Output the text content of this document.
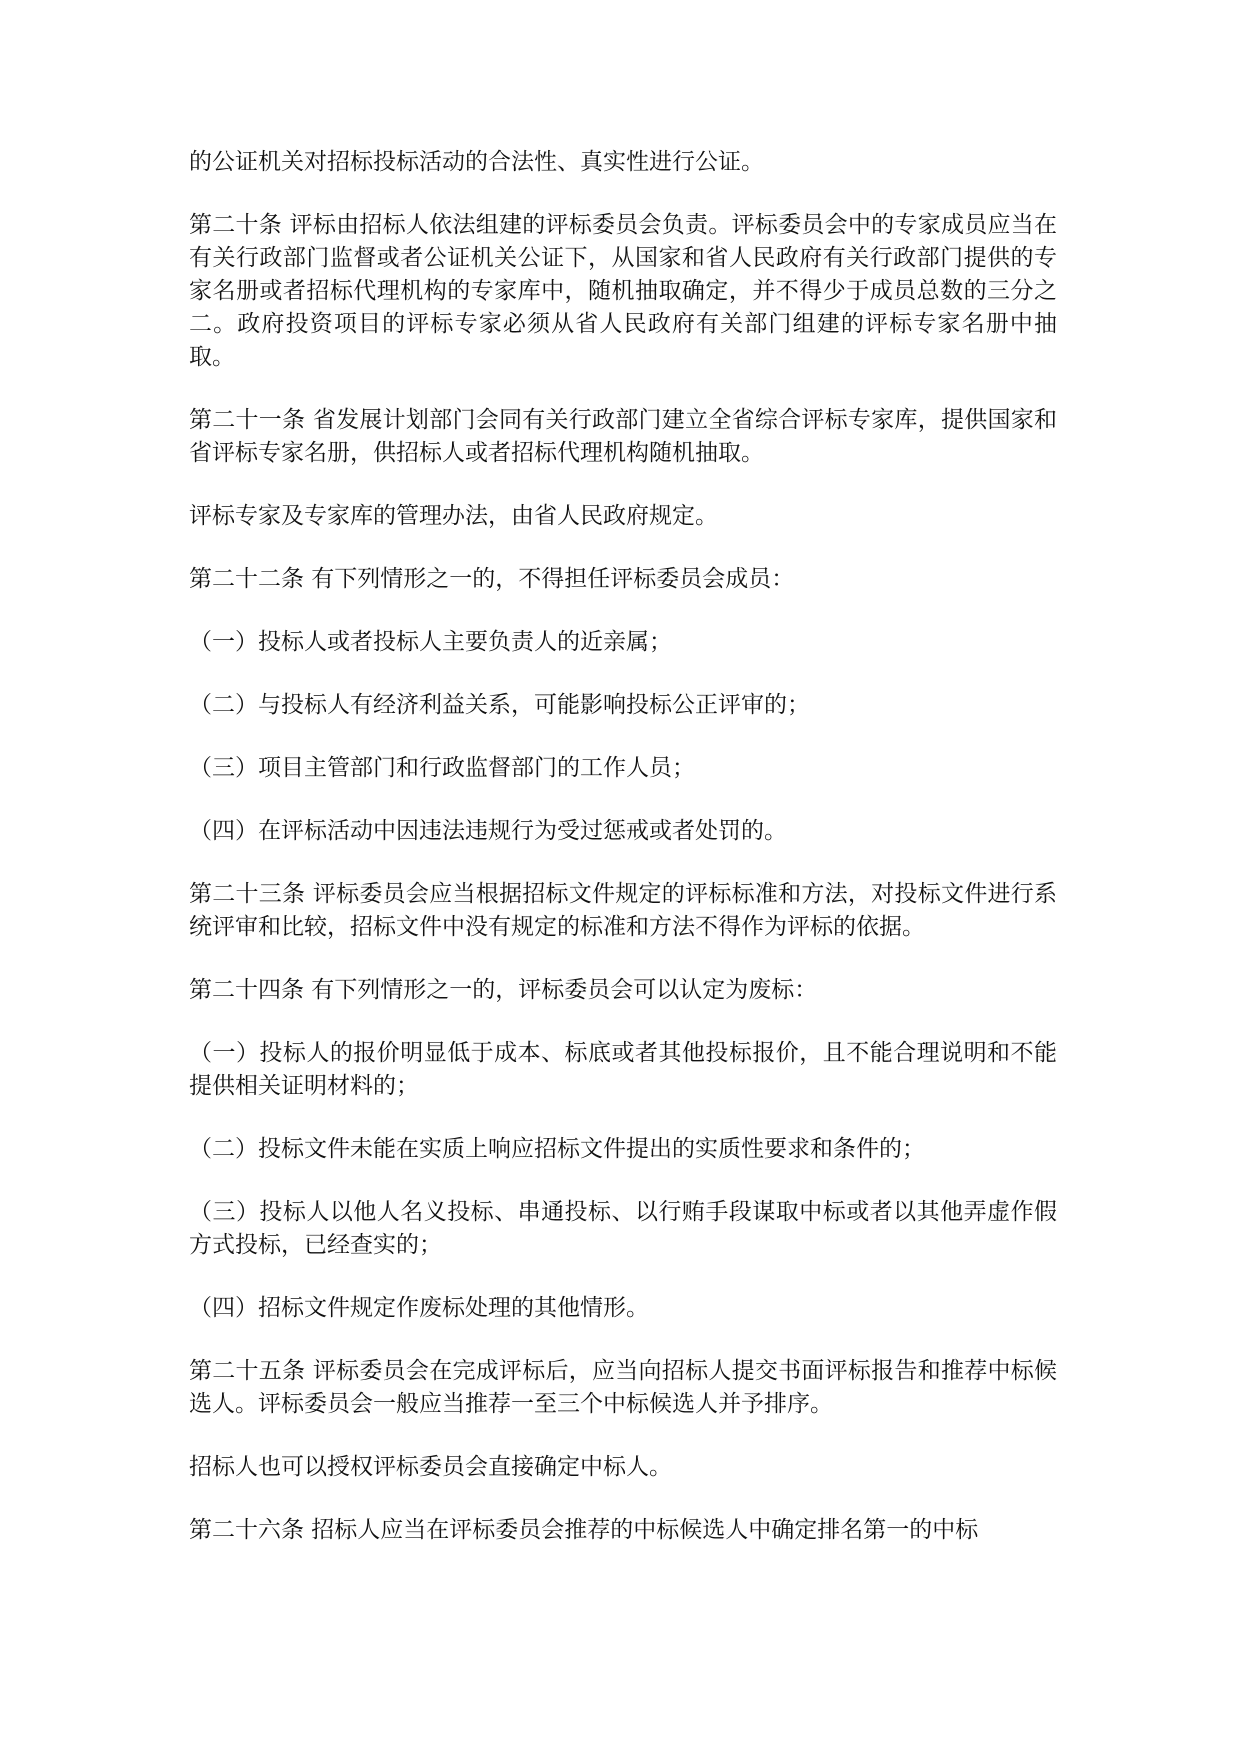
的公证机关对招标投标活动的合法性、真实性进行公证。

第二十条 评标由招标人依法组建的评标委员会负责。评标委员会中的专家成员应当在有关行政部门监督或者公证机关公证下，从国家和省人民政府有关行政部门提供的专家名册或者招标代理机构的专家库中，随机抽取确定，并不得少于成员总数的三分之二。政府投资项目的评标专家必须从省人民政府有关部门组建的评标专家名册中抽取。

第二十一条 省发展计划部门会同有关行政部门建立全省综合评标专家库，提供国家和省评标专家名册，供招标人或者招标代理机构随机抽取。

评标专家及专家库的管理办法，由省人民政府规定。

第二十二条 有下列情形之一的，不得担任评标委员会成员：

（一）投标人或者投标人主要负责人的近亲属；

（二）与投标人有经济利益关系，可能影响投标公正评审的；

（三）项目主管部门和行政监督部门的工作人员；

（四）在评标活动中因违法违规行为受过惩戒或者处罚的。

第二十三条 评标委员会应当根据招标文件规定的评标标准和方法，对投标文件进行系统评审和比较，招标文件中没有规定的标准和方法不得作为评标的依据。

第二十四条 有下列情形之一的，评标委员会可以认定为废标：

（一）投标人的报价明显低于成本、标底或者其他投标报价，且不能合理说明和不能提供相关证明材料的；

（二）投标文件未能在实质上响应招标文件提出的实质性要求和条件的；

（三）投标人以他人名义投标、串通投标、以行贿手段谋取中标或者以其他弄虚作假方式投标，已经查实的；

（四）招标文件规定作废标处理的其他情形。

第二十五条 评标委员会在完成评标后，应当向招标人提交书面评标报告和推荐中标候选人。评标委员会一般应当推荐一至三个中标候选人并予排序。

招标人也可以授权评标委员会直接确定中标人。

第二十六条 招标人应当在评标委员会推荐的中标候选人中确定排名第一的中标
